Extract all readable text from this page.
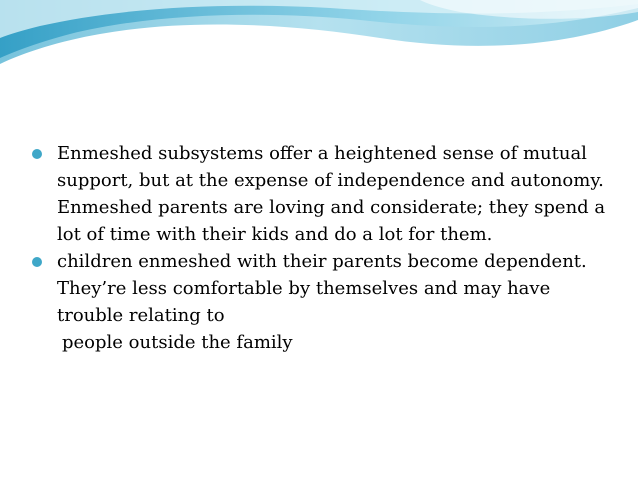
Enmeshed subsystems offer a heightened sense of mutual support, but at the expense of independence and autonomy. Enmeshed parents are loving and considerate; they spend a lot of time with their kids and do a lot for them.

children enmeshed with their parents become dependent. They’re less comfortable by themselves and may have trouble relating to

people outside the family
